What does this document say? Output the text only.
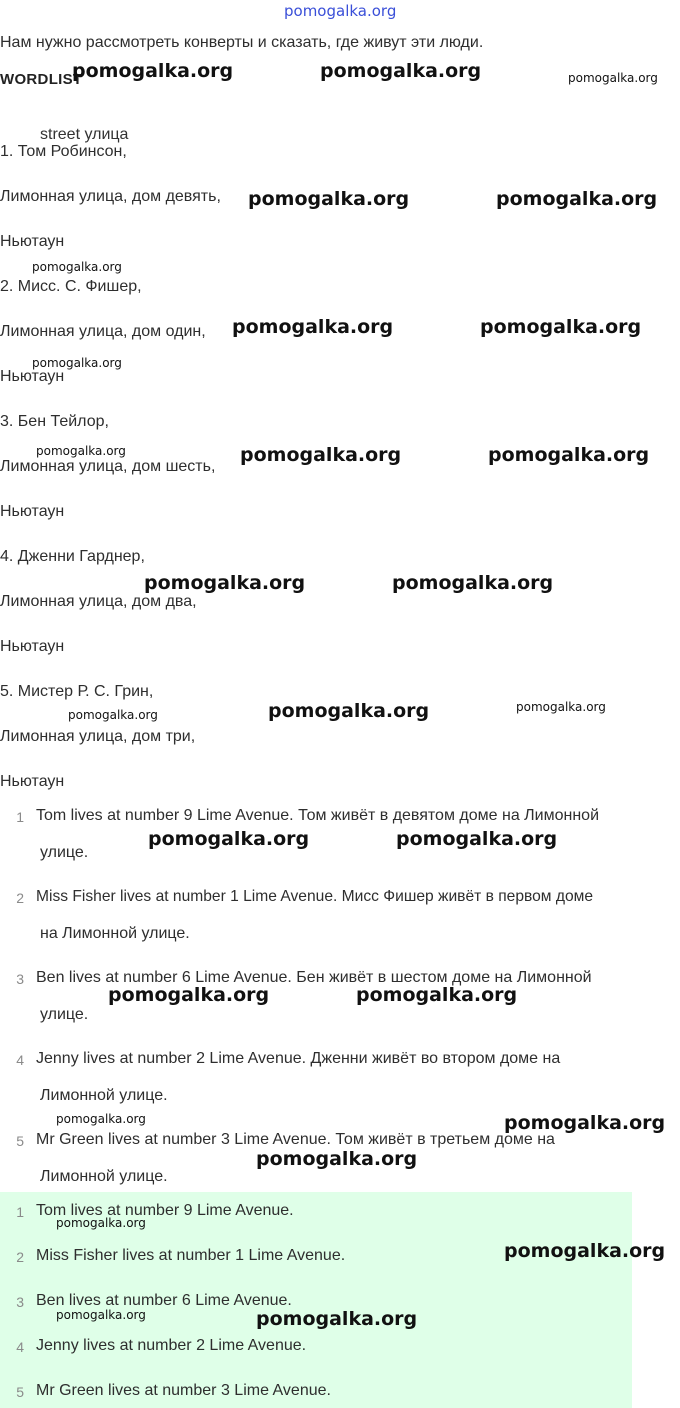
pomogalka.org
Нам нужно рассмотреть конверты и сказать, где живут эти люди.
WORDLIST
street улица
1. Том Робинсон,
Лимонная улица, дом девять,
Ньютаун
2. Мисс. С. Фишер,
Лимонная улица, дом один,
Ньютаун
3. Бен Тейлор,
Лимонная улица, дом шесть,
Ньютаун
4. Дженни Гарднер,
Лимонная улица, дом два,
Ньютаун
5. Мистер Р. С. Грин,
Лимонная улица, дом три,
Ньютаун
1 Tom lives at number 9 Lime Avenue. Том живёт в девятом доме на Лимонной
улице.
2 Miss Fisher lives at number 1 Lime Avenue. Мисс Фишер живёт в первом доме
на Лимонной улице.
3 Ben lives at number 6 Lime Avenue. Бен живёт в шестом доме на Лимонной
улице.
4 Jenny lives at number 2 Lime Avenue. Дженни живёт во втором доме на
Лимонной улице.
5 Mr Green lives at number 3 Lime Avenue. Том живёт в третьем доме на
Лимонной улице.
1 Tom lives at number 9 Lime Avenue.
2 Miss Fisher lives at number 1 Lime Avenue.
3 Ben lives at number 6 Lime Avenue.
4 Jenny lives at number 2 Lime Avenue.
5 Mr Green lives at number 3 Lime Avenue.
pomogalka.org	pomogalka.org
pomogalka.org	pomogalka.org
pomogalka.org	pomogalka.org
pomogalka.org	pomogalka.org
pomogalka.org	pomogalka.org
pomogalka.org
pomogalka.org	pomogalka.org
pomogalka.org	pomogalka.org
pomogalka.org
pomogalka.org
pomogalka.org
pomogalka.org
pomogalka.org
pomogalka.org
pomogalka.org
pomogalka.org
pomogalka.org
pomogalka.org
pomogalka.org
pomogalka.org
pomogalka.org
